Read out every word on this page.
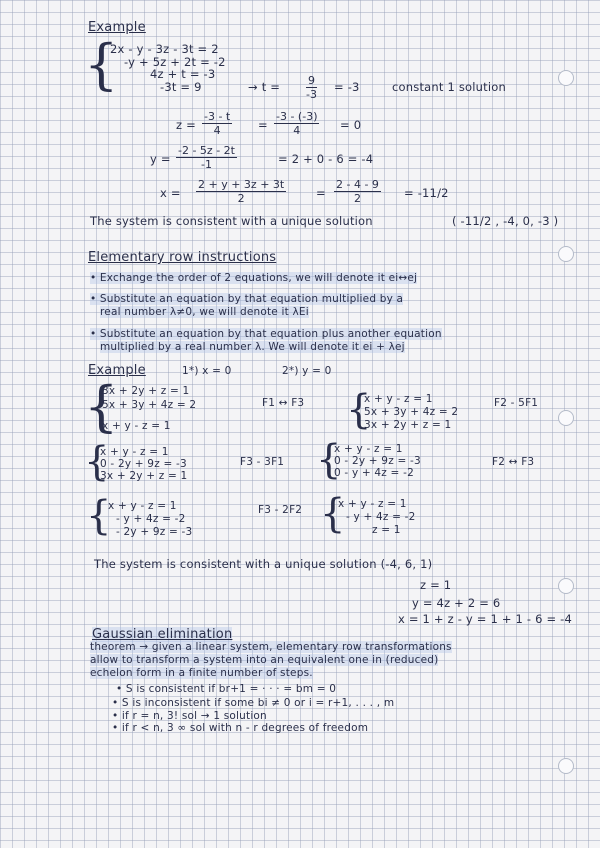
Example
{
2x - y - 3z - 3t = 2
-y + 5z + 2t = -2
4z + t = -3
-3t = 9	→ $t = \frac{9}{-3} = -3$	constant 1 solution
$z = \frac{-3 - t}{4} = \frac{-3 - (-3)}{4} = 0$
$y = \frac{-2 - 5z - 2t}{-1}$	= 2 + 0 - 6 = -4
$x = \frac{2 + y + 3z + 3t}{2}$	= $\frac{2 - 4 - 9}{2} = -11/2$
The system is consistent with a unique solution	( -11/2 , -4, 0, -3 )
Elementary row instructions
• Exchange the order of 2 equations, we will denote it ei↔ej
• Substitute an equation by that equation multiplied by a
real number λ≠0, we will denote it λEi
• Substitute an equation by that equation plus another equation
multiplied by a real number λ. We will denote it ei + λej
Example	1*) x = 0	2*) y = 0
{
3x + 2y + z = 1
5x + 3y + 4z = 2
x + y - z = 1
F1 ↔ F3 {
x + y - z = 1
5x + 3y + 4z = 2
3x + 2y + z = 1
F2 - 5F1
{
x + y - z = 1
0 - 2y + 9z = -3
3x + 2y + z = 1
F3 - 3F1 {
x + y - z = 1
0 - 2y + 9z = -3
0 - y + 4z = -2
F2 ↔ F3
{
x + y - z = 1
- y + 4z = -2
- 2y + 9z = -3
F3 - 2F2 {
x + y - z = 1
- y + 4z = -2
z = 1
The system is consistent with a unique solution (-4, 6, 1)
z = 1
y = 4z + 2 = 6
x = 1 + z - y = 1 + 1 - 6 = -4
Gaussian elimination
theorem → given a linear system, elementary row transformations
allow to transform a system into an equivalent one in (reduced)
echelon form in a finite number of steps.
• S is consistent if br+1 = · · · = bm = 0
• S is inconsistent if some bi ≠ 0 or i = r+1, . . . , m
• if r = n, 3! sol → 1 solution
• if r < n, 3 ∞ sol with n - r degrees of freedom
